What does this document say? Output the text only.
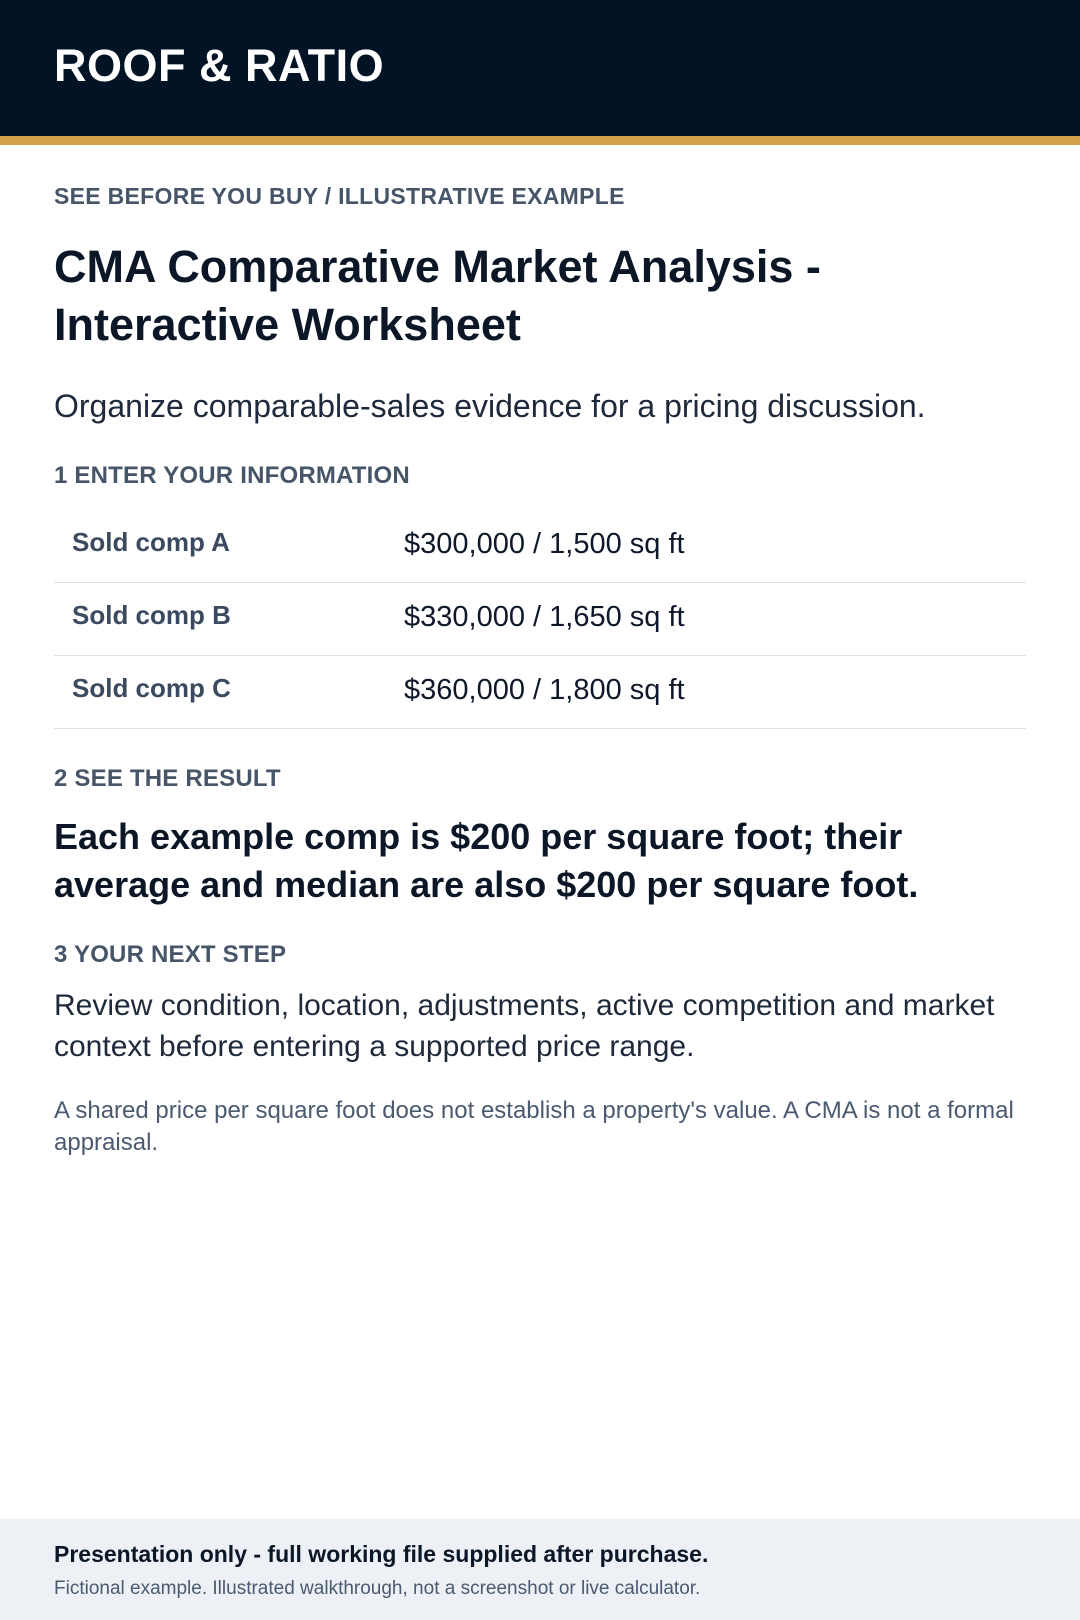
ROOF & RATIO
SEE BEFORE YOU BUY / ILLUSTRATIVE EXAMPLE
CMA Comparative Market Analysis - Interactive Worksheet

Organize comparable-sales evidence for a pricing discussion.

1 ENTER YOUR INFORMATION
Sold comp A	$300,000 / 1,500 sq ft
Sold comp B	$330,000 / 1,650 sq ft
Sold comp C	$360,000 / 1,800 sq ft
2 SEE THE RESULT

Each example comp is $200 per square foot; their average and median are also $200 per square foot.

3 YOUR NEXT STEP

Review condition, location, adjustments, active competition and market context before entering a supported price range.

A shared price per square foot does not establish a property's value. A CMA is not a formal appraisal.

Presentation only - full working file supplied after purchase.
Fictional example. Illustrated walkthrough, not a screenshot or live calculator.
